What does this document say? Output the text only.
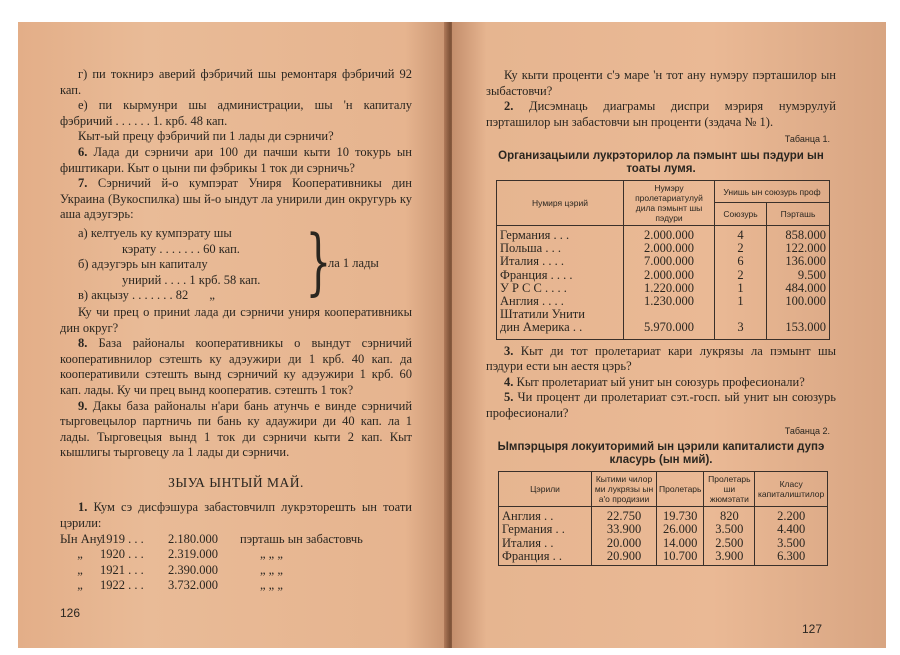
г) пи токнирэ аверий фэбричий шы ремонтаря фэбричий 92 кап.

е) пи кырмунри шы администрации, шы 'н капиталу фэбричий . . . . . . 1. крб. 48 кап.

Кыт-ый прецу фэбричий пи 1 лады ди сэрничи?

6. Лада ди сэрничи ари 100 ди пачши кыти 10 токурь ын фиштикари. Кыт о цыни пи фэбрикы 1 ток ди сэрничь?

7. Сэрничий й-о кумпэрат Униря Кооперативникы дин Украина (Вукоспилка) шы й-о ындут ла унирили дин округурь ку аша адэугэрь:

а) келтуель ку кумпэрату шы
кэрату . . . . . . . 60 кап.
б) адэугэрь ын капиталу
унирий . . . . 1 крб. 58 кап.
в) акцызу . . . . . . . 82 „	}
ла 1 лады

Ку чи прец о приниt лада ди сэрничи униря кооперативникы дин округ?

8. База районалы кооперативникы о вындут сэрничий кооперативнилор сэтешть ку адэужири ди 1 крб. 40 кап. да кооперативили сэтешть вынд сэрничий ку адэужири 1 крб. 60 кап. лады. Ку чи прец вынд кооператив. сэтешть 1 ток?

9. Дакы база районалы н'ари бань атунчь е винде сэрничий тырговецылор партничь пи бань ку адаужири ди 40 кап. ла 1 лады. Тырговецыя вынд 1 ток ди сэрничи кыти 2 кап. Кыт кышлигы тырговецу ла 1 лады ди сэрничи.

ЗЫУА ЫНТЫЙ МАЙ.

1. Кум сэ дисфэшура забастовчилп лукрэторешть ын тоати цэрили:

Ын Ану
1919 . . .	2.180.000	пэрташь ын забастовчь
„	1920 . . .	2.319.000	„ „ „
„	1921 . . .	2.390.000	„ „ „
„	1922 . . .	3.732.000	„ „ „
126

Ку кыти проценти с'э маре 'н тот ану нумэру пэрташилор ын зыбастовчи?

2. Дисэмнаць диаграмы диспри мэриря нумэрулуй пэрташилор ын забастовчи ын проценти (зэдача № 1).

Табанца 1.
Организацыили лукрэторилор ла пэмынт шы пэдури ын тоаты лумя.
Нумиря цэрий	Нумэру пролетариатулуй дила пэмынт шы пэдури	Унишь ын союзурь проф	
		Союзурь	Пэрташь
Германия . . .	2.000.000	4	858.000
Польша . . .	2.000.000	2	122.000
Италия . . . .	7.000.000	6	136.000
Франция . . . .	2.000.000	2	9.500
У Р С С . . . .	1.220.000	1	484.000
Англия . . . .	1.230.000	1	100.000
Штатили Унити			
дин Америка . .	5.970.000	3	153.000

3. Кыт ди тот пролетариат кари лукрязы ла пэмынт шы пэдури ести ын аестя цэрь?

4. Кыт пролетариат ый унит ын союзурь професионали?

5. Чи процент ди пролетариат сэт.-госп. ый унит ын союзурь професионали?

Табанца 2.
Ымпэрцыря локуиторимий ын цэрили капиталисти дупэ класурь (ын мий).
Цэрили	Кытими чилор ми лукрязы ын а'о продизии	Пролетарь	Пролетарь ши жюмэтати	Класу капиталиштилор
Англия . .	22.750	19.730	820	2.200
Германия . .	33.900	26.000	3.500	4.400
Италия . .	20.000	14.000	2.500	3.500
Франция . .	20.900	10.700	3.900	6.300
127
